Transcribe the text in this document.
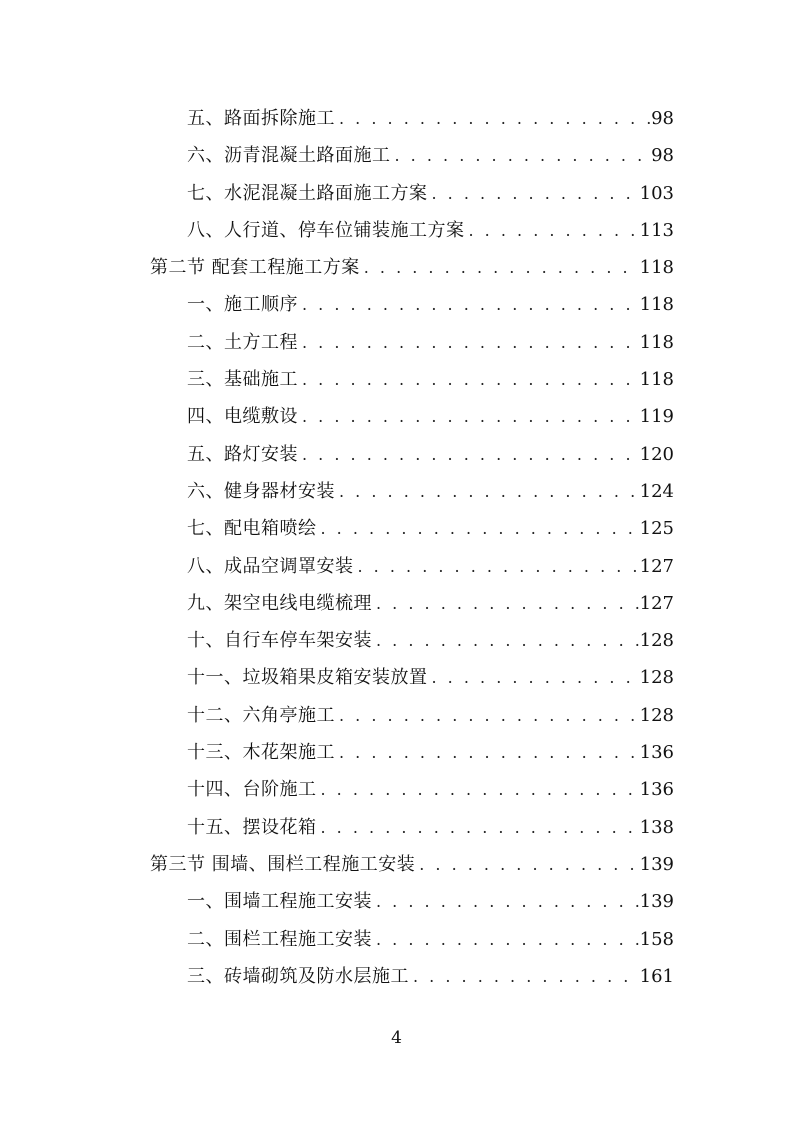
五、路面拆除施工 . . .	98
六、沥青混凝土路面施工 . . .	98
七、水泥混凝土路面施工方案 . . .	103
八、人行道、停车位铺装施工方案 . . .	113
第二节 配套工程施工方案 . . .	118
一、施工顺序 . . .	118
二、土方工程 . . .	118
三、基础施工 . . .	118
四、电缆敷设 . . .	119
五、路灯安装 . . .	120
六、健身器材安装 . . .	124
七、配电箱喷绘 . . .	125
八、成品空调罩安装 . . .	127
九、架空电线电缆梳理 . . .	127
十、自行车停车架安装 . . .	128
十一、垃圾箱果皮箱安装放置 . . .	128
十二、六角亭施工 . . .	128
十三、木花架施工 . . .	136
十四、台阶施工 . . .	136
十五、摆设花箱 . . .	138
第三节 围墙、围栏工程施工安装 . . .	139
一、围墙工程施工安装 . . .	139
二、围栏工程施工安装 . . .	158
三、砖墙砌筑及防水层施工 . . .	161
4
